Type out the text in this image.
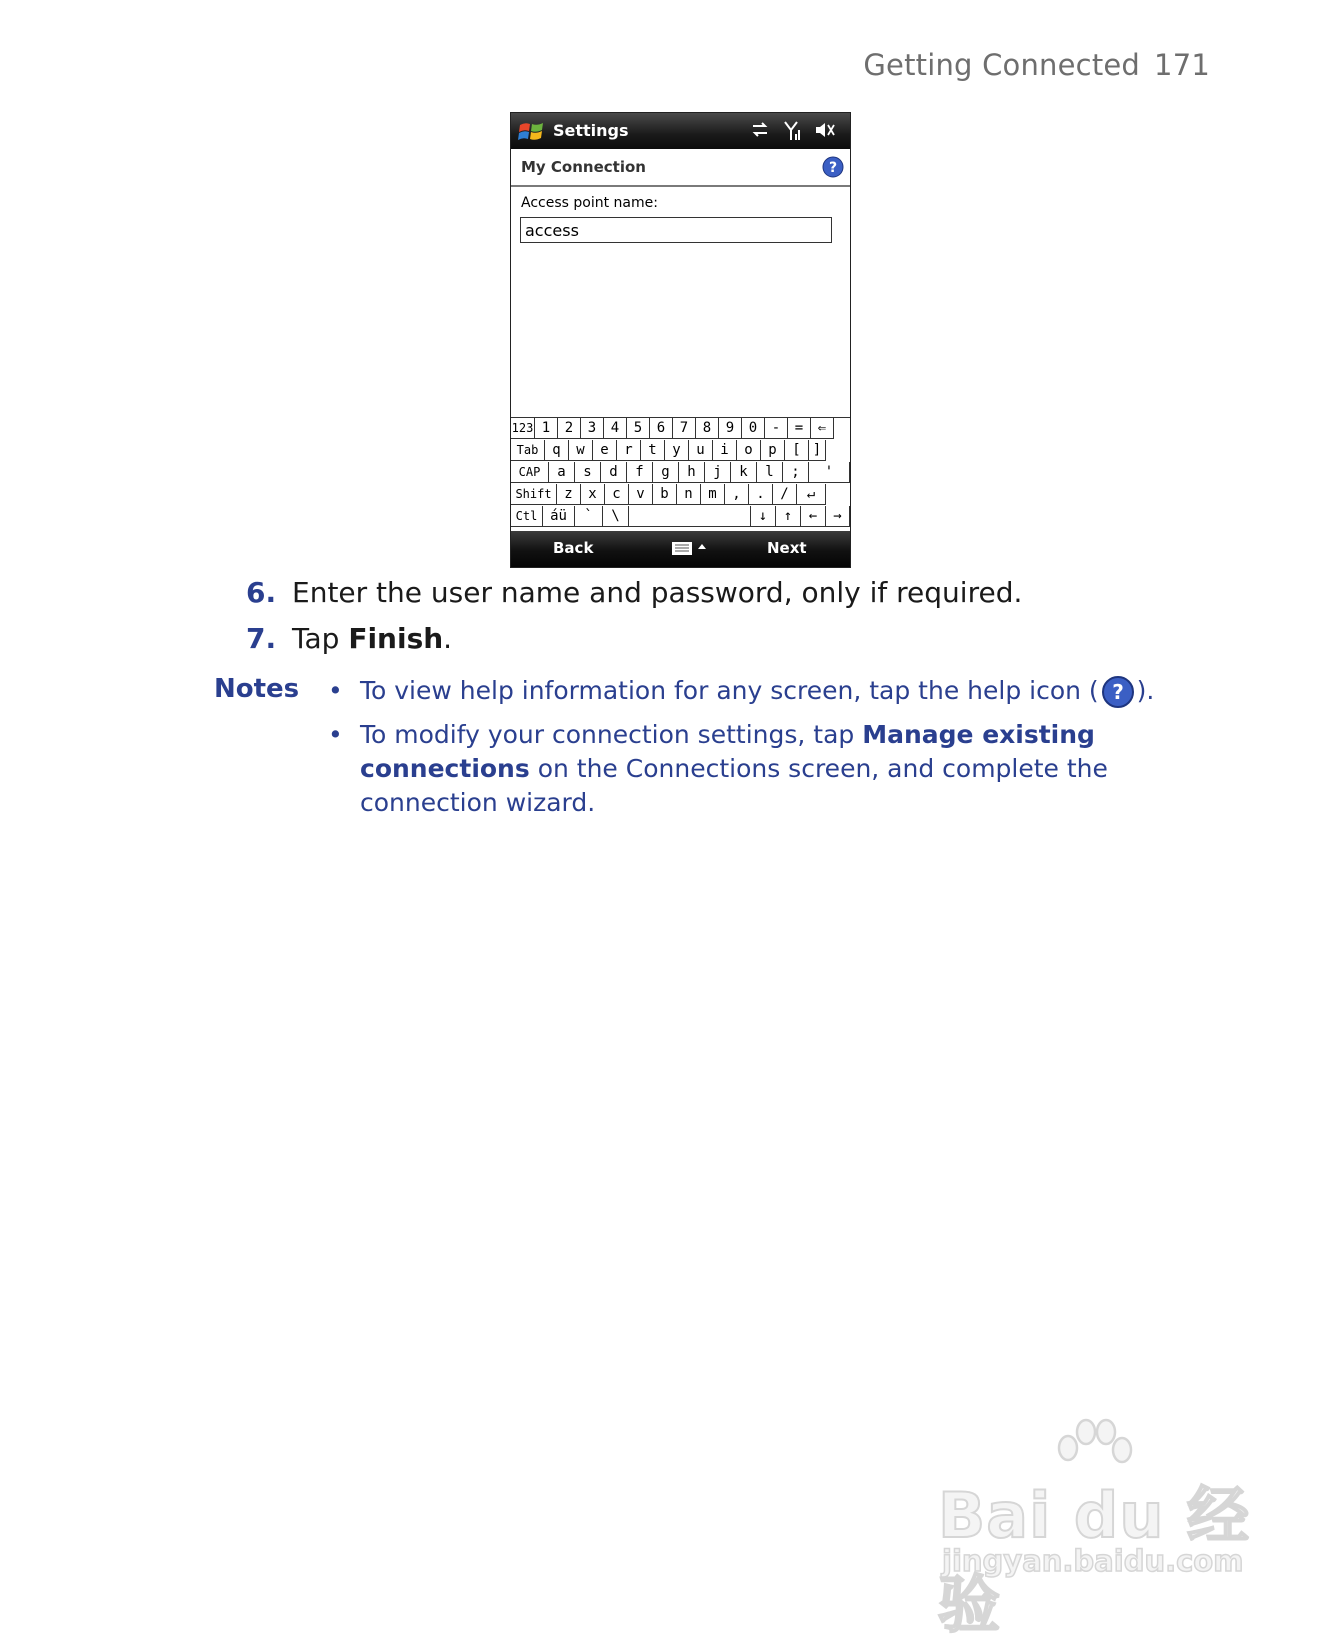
Getting Connected 171
Settings

My Connection	?
Access point name:
access
123 1	2	3	4	5	6	7	8	9	0	-	=	⇐
Tab q	w	e	r	t	y	u	i	o	p	[ ]
CAP	a	s	d	f	g	h	j	k	l	;	'
Shift z	x	c	v	b	n	m	,	.	/	↵
Ctl áü	`	\	↓	↑	←	→
Back	Next
6. Enter the user name and password, only if required.
7. Tap Finish.
Notes • To view help information for any screen, tap the help icon ( ? ).
• To modify your connection settings, tap Manage existing connections on the Connections screen, and complete the connection wizard.
Bai du 经验
jingyan.baidu.com
